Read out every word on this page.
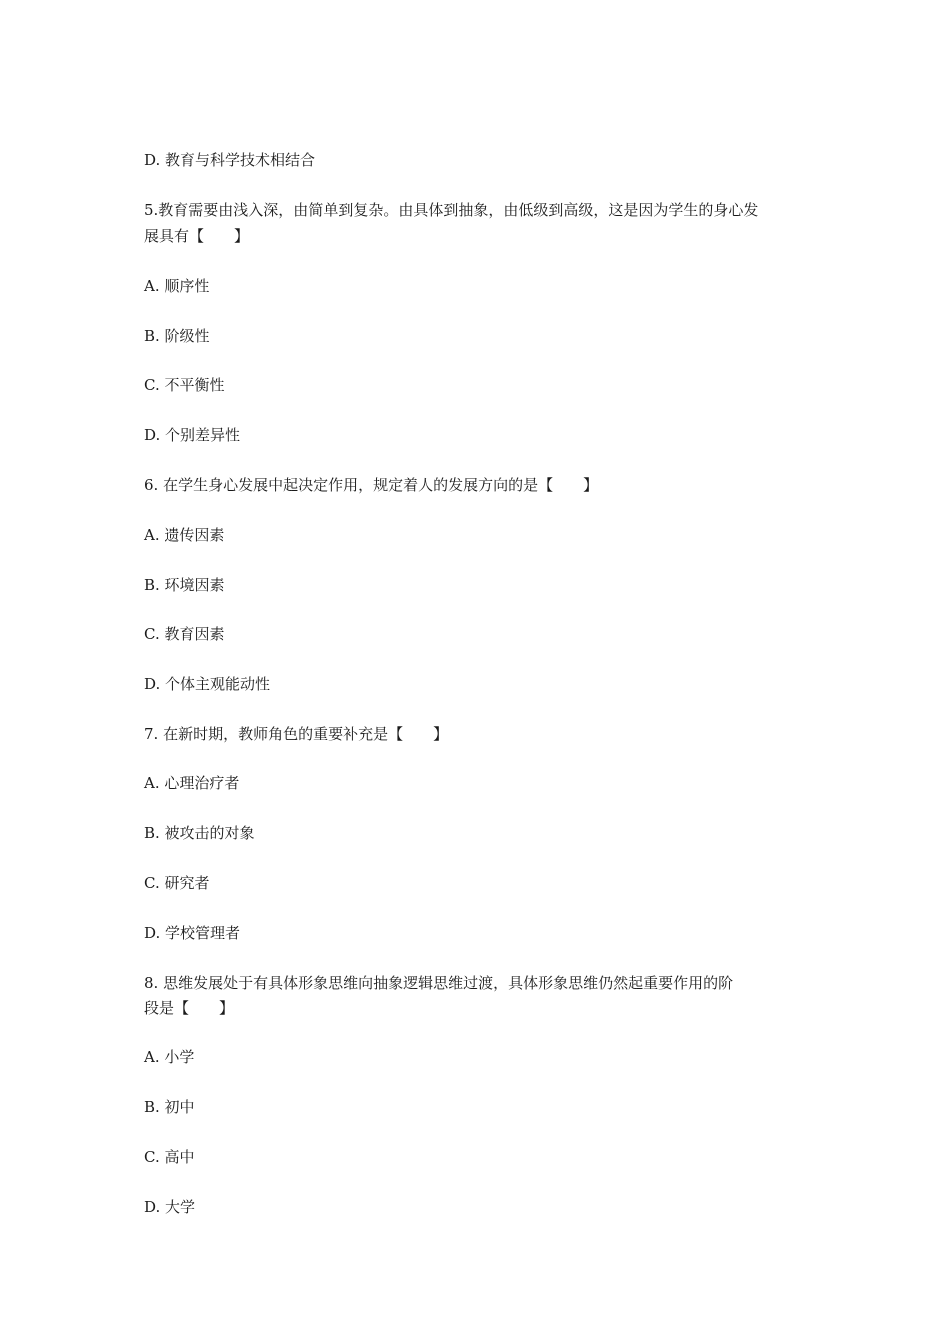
D. 教育与科学技术相结合
5.教育需要由浅入深，由简单到复杂。由具体到抽象，由低级到高级，这是因为学生的身心发
展具有【　　】
A. 顺序性
B. 阶级性
C. 不平衡性
D. 个别差异性
6. 在学生身心发展中起决定作用，规定着人的发展方向的是【　　】
A. 遗传因素
B. 环境因素
C. 教育因素
D. 个体主观能动性
7. 在新时期，教师角色的重要补充是【　　】
A. 心理治疗者
B. 被攻击的对象
C. 研究者
D. 学校管理者
8. 思维发展处于有具体形象思维向抽象逻辑思维过渡，具体形象思维仍然起重要作用的阶
段是【　　】
A. 小学
B. 初中
C. 高中
D. 大学
